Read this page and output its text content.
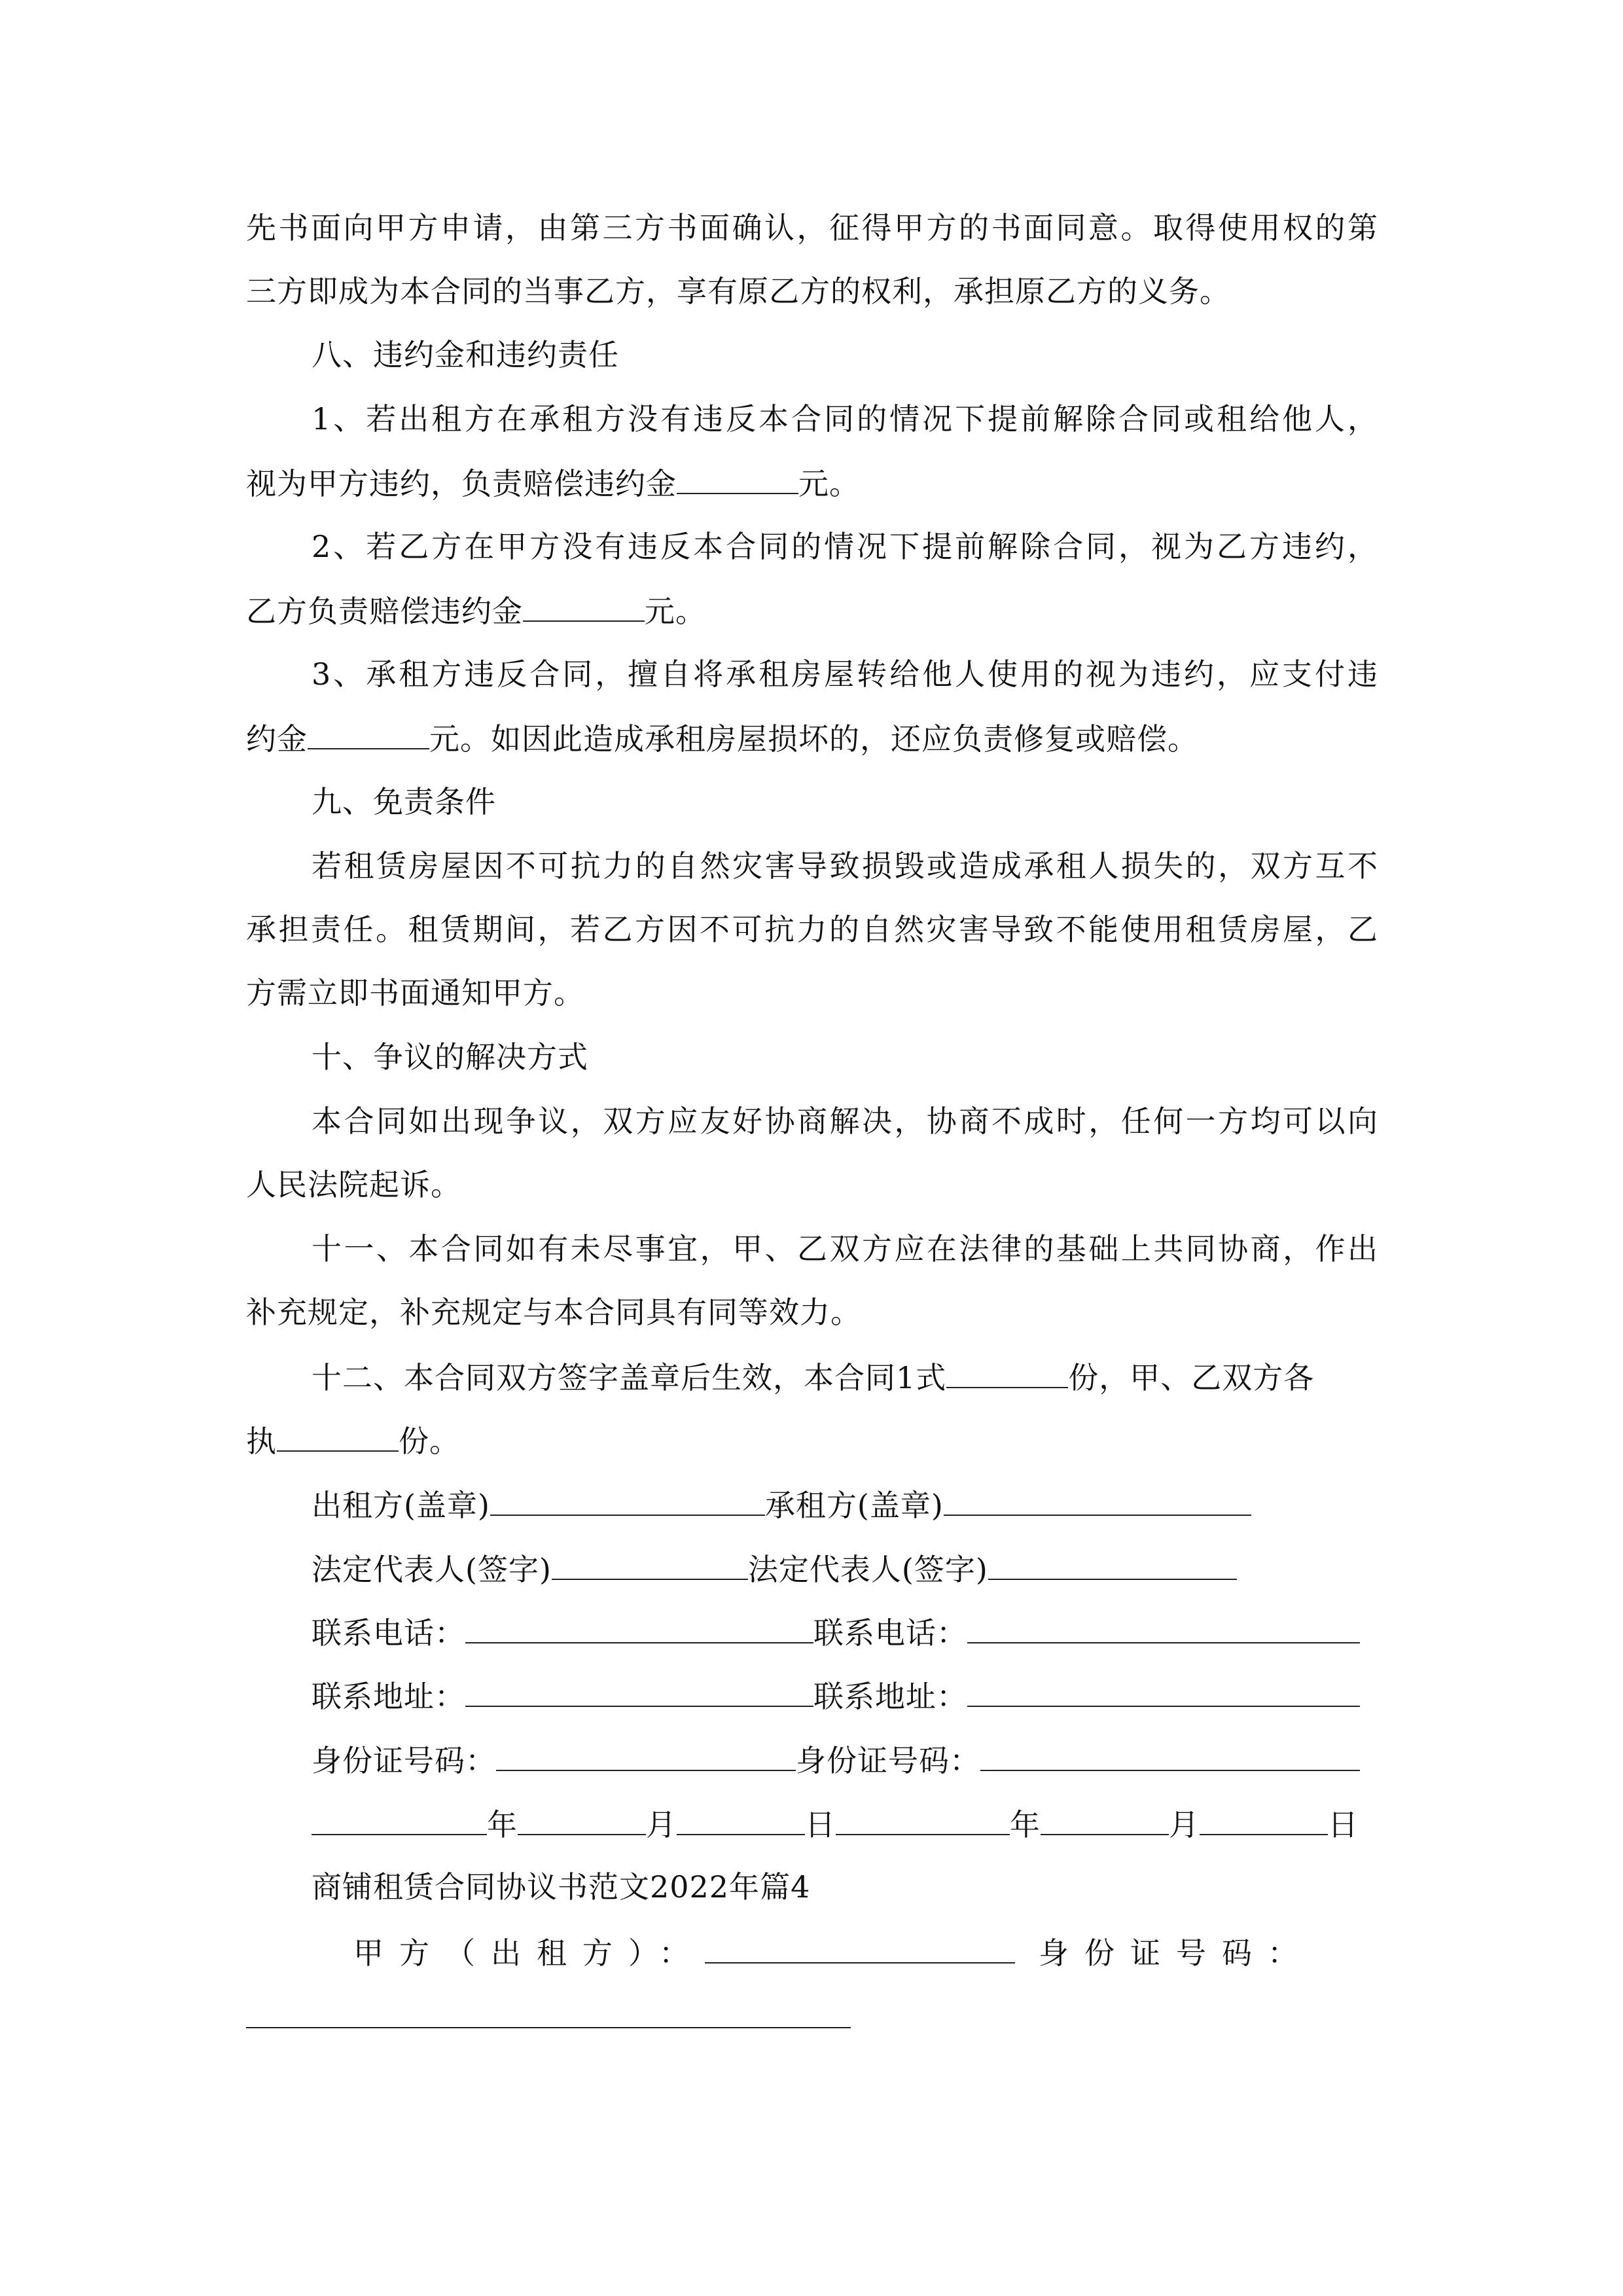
先书面向甲方申请，由第三方书面确认，征得甲方的书面同意。取得使用权的第
三方即成为本合同的当事乙方，享有原乙方的权利，承担原乙方的义务。
八、违约金和违约责任
1、若出租方在承租方没有违反本合同的情况下提前解除合同或租给他人，
视为甲方违约，负责赔偿违约金	元。
2、若乙方在甲方没有违反本合同的情况下提前解除合同，视为乙方违约，
乙方负责赔偿违约金	元。
3、承租方违反合同，擅自将承租房屋转给他人使用的视为违约，应支付违
约金	元。如因此造成承租房屋损坏的，还应负责修复或赔偿。
九、免责条件
若租赁房屋因不可抗力的自然灾害导致损毁或造成承租人损失的，双方互不
承担责任。租赁期间，若乙方因不可抗力的自然灾害导致不能使用租赁房屋，乙
方需立即书面通知甲方。
十、争议的解决方式
本合同如出现争议，双方应友好协商解决，协商不成时，任何一方均可以向
人民法院起诉。
十一、本合同如有未尽事宜，甲、乙双方应在法律的基础上共同协商，作出
补充规定，补充规定与本合同具有同等效力。
十二、本合同双方签字盖章后生效，本合同1式	份，甲、乙双方各
执	份。
出租方(盖章)	承租方(盖章)
法定代表人(签字)	法定代表人(签字)
联系电话：	联系电话：
联系地址：	联系地址：
身份证号码：	身份证号码：
年	月	日	年	月	日
商铺租赁合同协议书范文2022年篇4
甲方（出租方）：	身份证号码：
